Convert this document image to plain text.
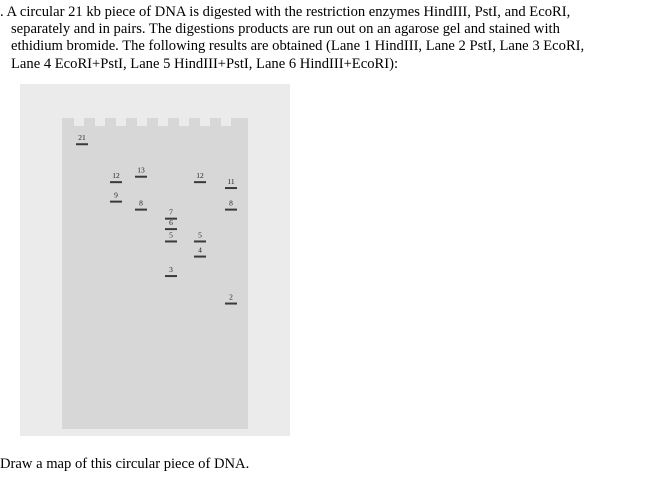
. A circular 21 kb piece of DNA is digested with the restriction enzymes HindIII, PstI, and EcoRI,
separately and in pairs. The digestions products are run out on an agarose gel and stained with
ethidium bromide. The following results are obtained (Lane 1 HindIII, Lane 2 PstI, Lane 3 EcoRI,
Lane 4 EcoRI+PstI, Lane 5 HindIII+PstI, Lane 6 HindIII+EcoRI):
21
12
9
13
8
7
6
5
3
12
5
4
11
8
2
Draw a map of this circular piece of DNA.
